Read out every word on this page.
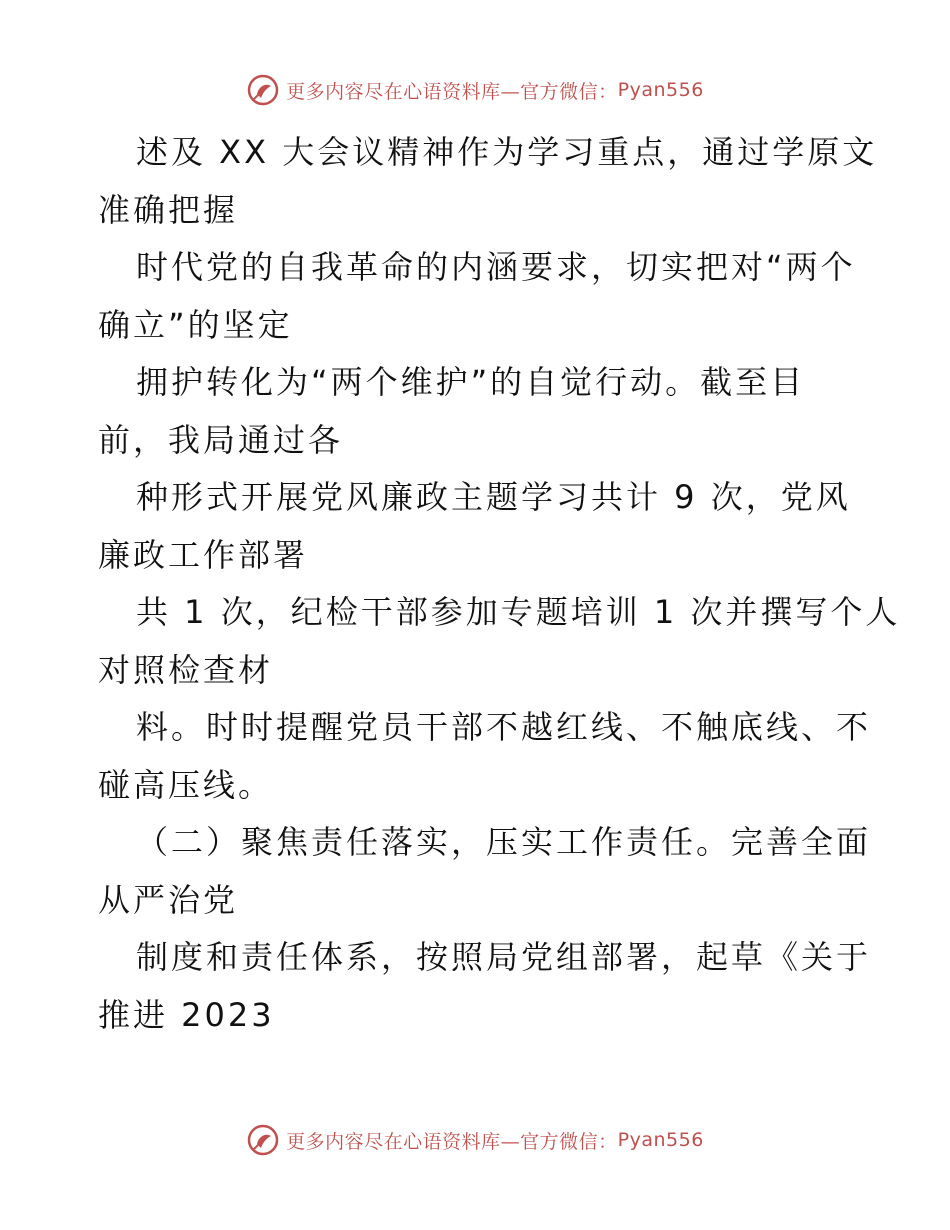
更多内容尽在心语资料库—官方微信： Pyan556
述及 XX 大会议精神作为学习重点，通过学原文
准确把握
时代党的自我革命的内涵要求，切实把对“两个
确立”的坚定
拥护转化为“两个维护”的自觉行动。截至目
前，我局通过各
种形式开展党风廉政主题学习共计 9 次，党风
廉政工作部署
共 1 次，纪检干部参加专题培训 1 次并撰写个人
对照检查材
料。时时提醒党员干部不越红线、不触底线、不
碰高压线。
（二）聚焦责任落实，压实工作责任。完善全面
从严治党
制度和责任体系，按照局党组部署，起草《关于
推进 2023
更多内容尽在心语资料库—官方微信： Pyan556
